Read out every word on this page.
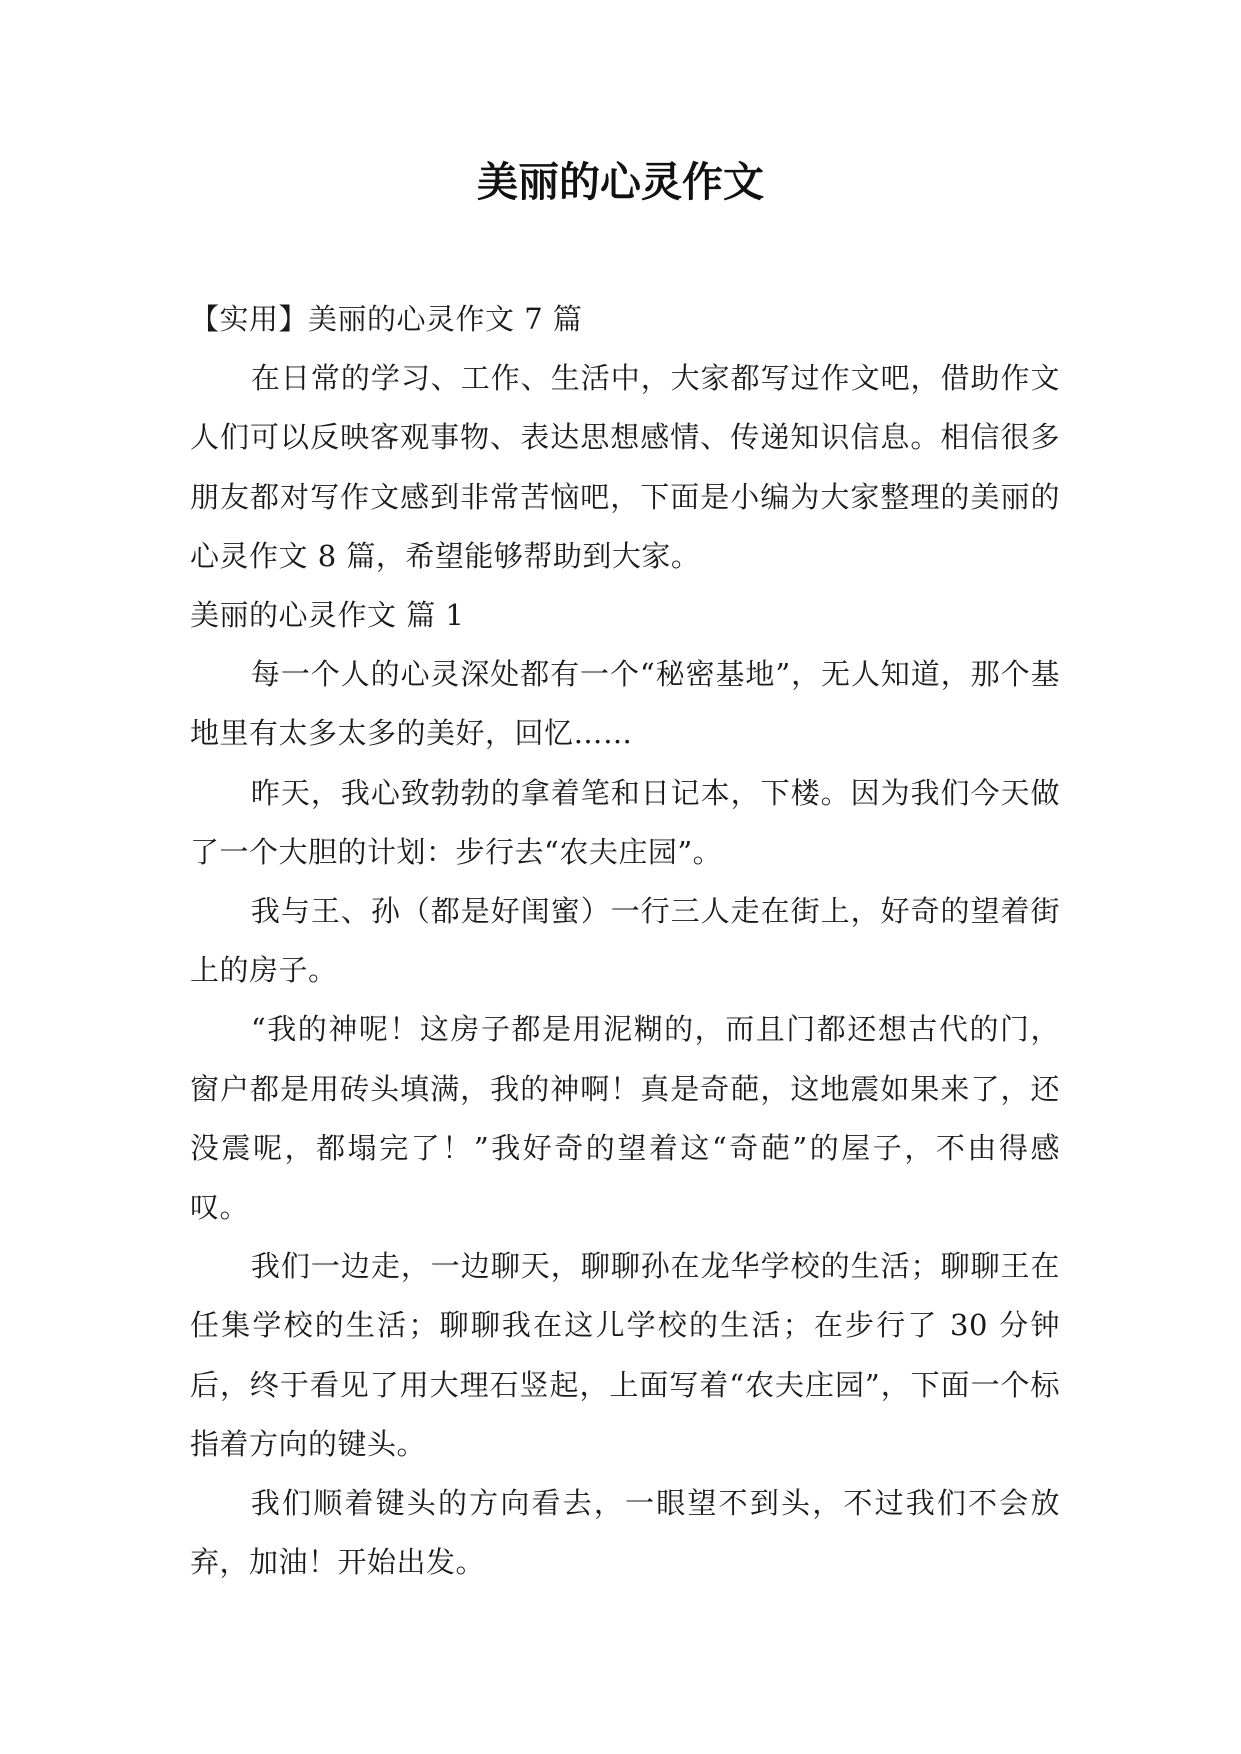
美丽的心灵作文

【实用】美丽的心灵作文 7 篇

在日常的学习、工作、生活中，大家都写过作文吧，借助作文人们可以反映客观事物、表达思想感情、传递知识信息。相信很多朋友都对写作文感到非常苦恼吧，下面是小编为大家整理的美丽的心灵作文 8 篇，希望能够帮助到大家。

美丽的心灵作文 篇 1

每一个人的心灵深处都有一个“秘密基地”，无人知道，那个基地里有太多太多的美好，回忆……

昨天，我心致勃勃的拿着笔和日记本，下楼。因为我们今天做了一个大胆的计划：步行去“农夫庄园”。

我与王、孙（都是好闺蜜）一行三人走在街上，好奇的望着街上的房子。

“我的神呢！这房子都是用泥糊的，而且门都还想古代的门，窗户都是用砖头填满，我的神啊！真是奇葩，这地震如果来了，还没震呢，都塌完了！”我好奇的望着这“奇葩”的屋子，不由得感叹。

我们一边走，一边聊天，聊聊孙在龙华学校的生活；聊聊王在任集学校的生活；聊聊我在这儿学校的生活；在步行了 30 分钟后，终于看见了用大理石竖起，上面写着“农夫庄园”，下面一个标指着方向的键头。

我们顺着键头的方向看去，一眼望不到头，不过我们不会放弃，加油！开始出发。
